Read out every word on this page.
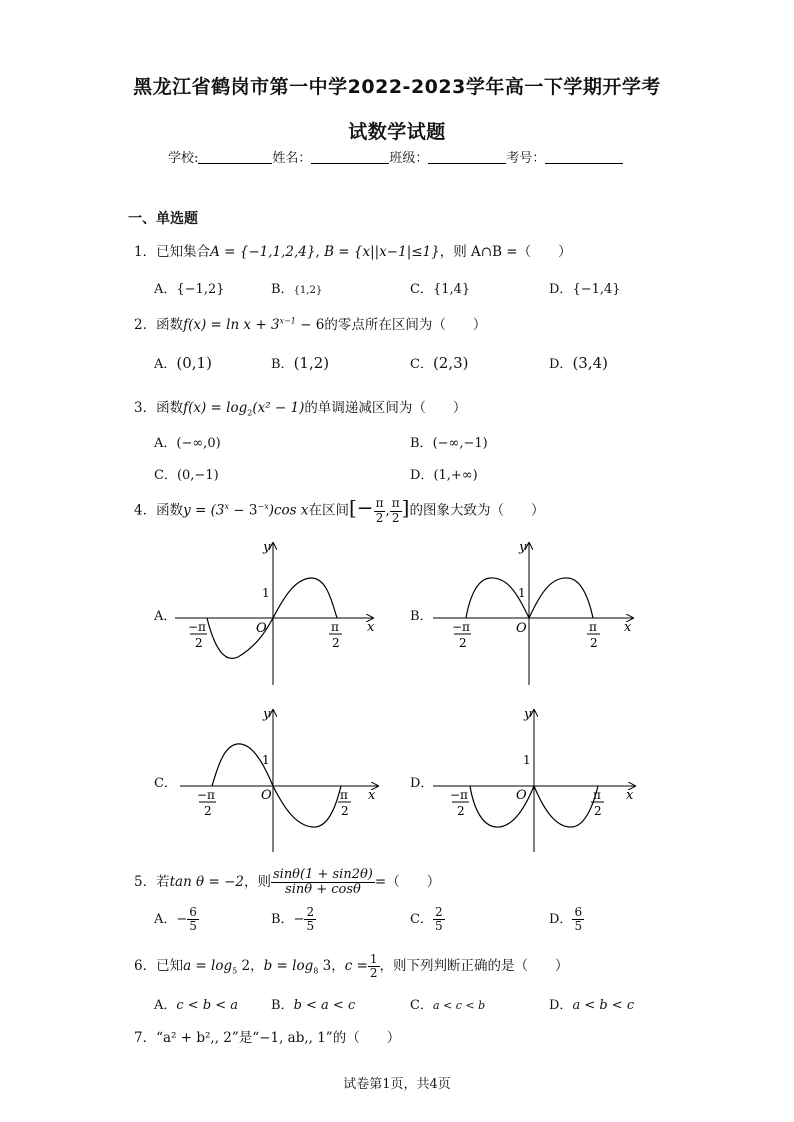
黑龙江省鹤岗市第一中学2022-2023学年高一下学期开学考
试数学试题
学校:	姓名：	班级：	考号：
一、单选题
1．已知集合A = {−1,1,2,4}, B = {x||x−1|≤1}，则 A∩B =（　　）
A．{−1,2}	B．{1,2}	C．{1,4}	D．{−1,4}
2．函数$f(x) = \ln x + 3^{x-1} - 6$的零点所在区间为（　　）
A．(0,1)	B．(1,2)	C．(2,3)	D．(3,4)
3．函数$f(x) = \log_2(x^2 - 1)$的单调递减区间为（　　）
A．(−∞,0)	B．(−∞,−1)
C．(0,−1)	D．(1,+∞)
4．函数$y = (3^x - 3^{-x})\cos$ x在区间[− $\frac{\pi}{2}$ , $\frac{\pi}{2}$ ]的图象大致为（　　）
A．	B．
C．	D．
y
x
1
O
−π
2
π
2
y
x
1
O
−π
2
π
2
y
x
1
O
−π
2
π
2
y
x
1
O
−π
2
π
2
5．若tan θ = −2，则 $\frac{\sin\theta(1 + \sin 2\theta)}{\sin\theta + \cos\theta}$ =（　　）
A．− $\frac{6}{5}$	B．− $\frac{2}{5}$	C． $\frac{2}{5}$	D． $\frac{6}{5}$
6．已知$a = \log_5 2$，$b = \log_8 3$，$c = \frac{1}{2}$ ，则下列判断正确的是（　　）
A．c < b < a	B．b < a < c	C．a < c < b	D．a < b < c
7．“a² + b²,, 2”是“−1, ab,, 1”的（　　）
试卷第1页，共4页
